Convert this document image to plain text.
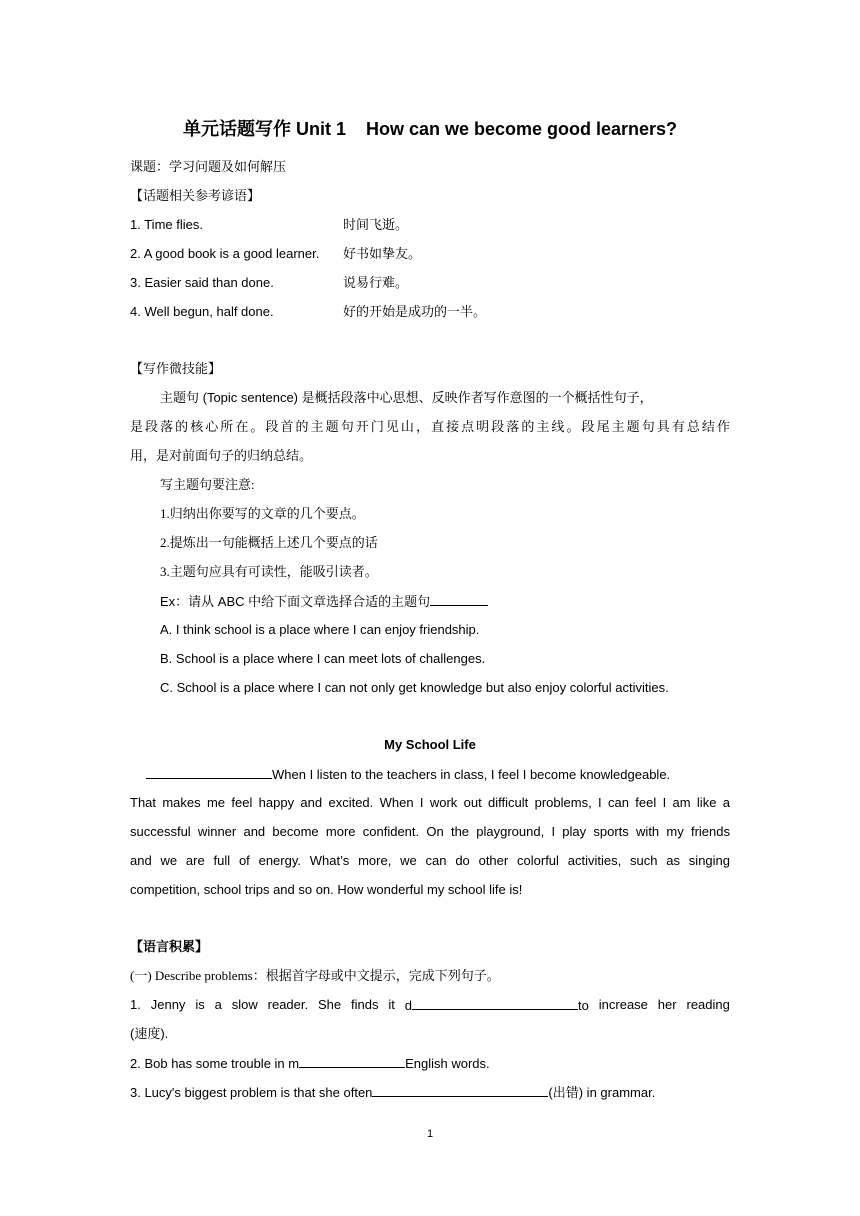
单元话题写作 Unit 1    How can we become good learners?
课题：学习问题及如何解压
【话题相关参考谚语】
1. Time flies.	时间飞逝。
2. A good book is a good learner. 好书如挚友。
3. Easier said than done.	说易行难。
4. Well begun, half done.	好的开始是成功的一半。
【写作微技能】
主题句 (Topic sentence) 是概括段落中心思想、反映作者写作意图的一个概括性句子，
是段落的核心所在。段首的主题句开门见山，直接点明段落的主线。段尾主题句具有总结作
用，是对前面句子的归纳总结。
写主题句要注意:
1.归纳出你要写的文章的几个要点。
2.提炼出一句能概括上述几个要点的话
3.主题句应具有可读性，能吸引读者。
Ex：请从 ABC 中给下面文章选择合适的主题句
A. I think school is a place where I can enjoy friendship.
B. School is a place where I can meet lots of challenges.
C. School is a place where I can not only get knowledge but also enjoy colorful activities.
My School Life
When I listen to the teachers in class, I feel I become knowledgeable.
That makes me feel happy and excited. When I work out difficult problems, I can feel I am like a
successful winner and become more confident. On the playground, I play sports with my friends
and we are full of energy. What’s more, we can do other colorful activities, such as singing
competition, school trips and so on. How wonderful my school life is!
【语言积累】
(一) Describe problems：根据首字母或中文提示，完成下列句子。
1. Jenny is a slow reader. She finds it d	to increase her reading
(速度).
2. Bob has some trouble in m	English words.
3. Lucy's biggest problem is that she often	(出错) in grammar.
1
